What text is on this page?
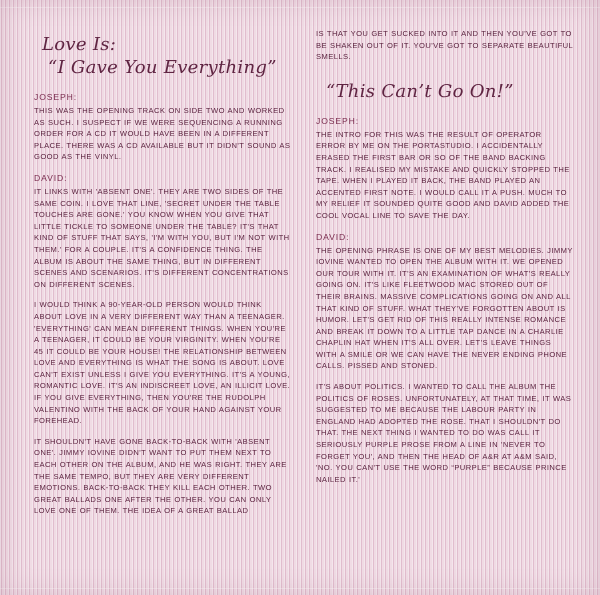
Love Is:
“I Gave You Everything”
JOSEPH:

THIS WAS THE OPENING TRACK ON SIDE TWO AND WORKED AS SUCH. I SUSPECT IF WE WERE SEQUENCING A RUNNING ORDER FOR A CD IT WOULD HAVE BEEN IN A DIFFERENT PLACE. THERE WAS A CD AVAILABLE BUT IT DIDN'T SOUND AS GOOD AS THE VINYL.

DAVID:

IT LINKS WITH 'ABSENT ONE'. THEY ARE TWO SIDES OF THE SAME COIN. I LOVE THAT LINE, 'SECRET UNDER THE TABLE TOUCHES ARE GONE.' YOU KNOW WHEN YOU GIVE THAT LITTLE TICKLE TO SOMEONE UNDER THE TABLE? IT'S THAT KIND OF STUFF THAT SAYS, 'I'M WITH YOU, BUT I'M NOT WITH THEM.' FOR A COUPLE. IT'S A CONFIDENCE THING. THE ALBUM IS ABOUT THE SAME THING, BUT IN DIFFERENT SCENES AND SCENARIOS. IT'S DIFFERENT CONCENTRATIONS ON DIFFERENT SCENES.

I WOULD THINK A 90-YEAR-OLD PERSON WOULD THINK ABOUT LOVE IN A VERY DIFFERENT WAY THAN A TEENAGER. 'EVERYTHING' CAN MEAN DIFFERENT THINGS. WHEN YOU'RE A TEENAGER, IT COULD BE YOUR VIRGINITY. WHEN YOU'RE 45 IT COULD BE YOUR HOUSE! THE RELATIONSHIP BETWEEN LOVE AND EVERYTHING IS WHAT THE SONG IS ABOUT. LOVE CAN'T EXIST UNLESS I GIVE YOU EVERYTHING. IT'S A YOUNG, ROMANTIC LOVE. IT'S AN INDISCREET LOVE, AN ILLICIT LOVE. IF YOU GIVE EVERYTHING, THEN YOU'RE THE RUDOLPH VALENTINO WITH THE BACK OF YOUR HAND AGAINST YOUR FOREHEAD.

IT SHOULDN'T HAVE GONE BACK-TO-BACK WITH 'ABSENT ONE'. JIMMY IOVINE DIDN'T WANT TO PUT THEM NEXT TO EACH OTHER ON THE ALBUM, AND HE WAS RIGHT. THEY ARE THE SAME TEMPO, BUT THEY ARE VERY DIFFERENT EMOTIONS. BACK-TO-BACK THEY KILL EACH OTHER. TWO GREAT BALLADS ONE AFTER THE OTHER. YOU CAN ONLY LOVE ONE OF THEM. THE IDEA OF A GREAT BALLAD

IS THAT YOU GET SUCKED INTO IT AND THEN YOU'VE GOT TO BE SHAKEN OUT OF IT. YOU'VE GOT TO SEPARATE BEAUTIFUL SMELLS.

“This Can’t Go On!”
JOSEPH:

THE INTRO FOR THIS WAS THE RESULT OF OPERATOR ERROR BY ME ON THE PORTASTUDIO. I ACCIDENTALLY ERASED THE FIRST BAR OR SO OF THE BAND BACKING TRACK. I REALISED MY MISTAKE AND QUICKLY STOPPED THE TAPE. WHEN I PLAYED IT BACK, THE BAND PLAYED AN ACCENTED FIRST NOTE. I WOULD CALL IT A PUSH. MUCH TO MY RELIEF IT SOUNDED QUITE GOOD AND DAVID ADDED THE COOL VOCAL LINE TO SAVE THE DAY.

DAVID:

THE OPENING PHRASE IS ONE OF MY BEST MELODIES. JIMMY IOVINE WANTED TO OPEN THE ALBUM WITH IT. WE OPENED OUR TOUR WITH IT. IT'S AN EXAMINATION OF WHAT'S REALLY GOING ON. IT'S LIKE FLEETWOOD MAC STORED OUT OF THEIR BRAINS. MASSIVE COMPLICATIONS GOING ON AND ALL THAT KIND OF STUFF. WHAT THEY'VE FORGOTTEN ABOUT IS HUMOR. LET'S GET RID OF THIS REALLY INTENSE ROMANCE AND BREAK IT DOWN TO A LITTLE TAP DANCE IN A CHARLIE CHAPLIN HAT WHEN IT'S ALL OVER. LET'S LEAVE THINGS WITH A SMILE OR WE CAN HAVE THE NEVER ENDING PHONE CALLS. PISSED AND STONED.

IT'S ABOUT POLITICS. I WANTED TO CALL THE ALBUM THE POLITICS OF ROSES. UNFORTUNATELY, AT THAT TIME, IT WAS SUGGESTED TO ME BECAUSE THE LABOUR PARTY IN ENGLAND HAD ADOPTED THE ROSE. THAT I SHOULDN'T DO THAT. THE NEXT THING I WANTED TO DO WAS CALL IT SERIOUSLY PURPLE PROSE FROM A LINE IN 'NEVER TO FORGET YOU', AND THEN THE HEAD OF A&R AT A&M SAID, 'NO. YOU CAN'T USE THE WORD “PURPLE” BECAUSE PRINCE NAILED IT.'
